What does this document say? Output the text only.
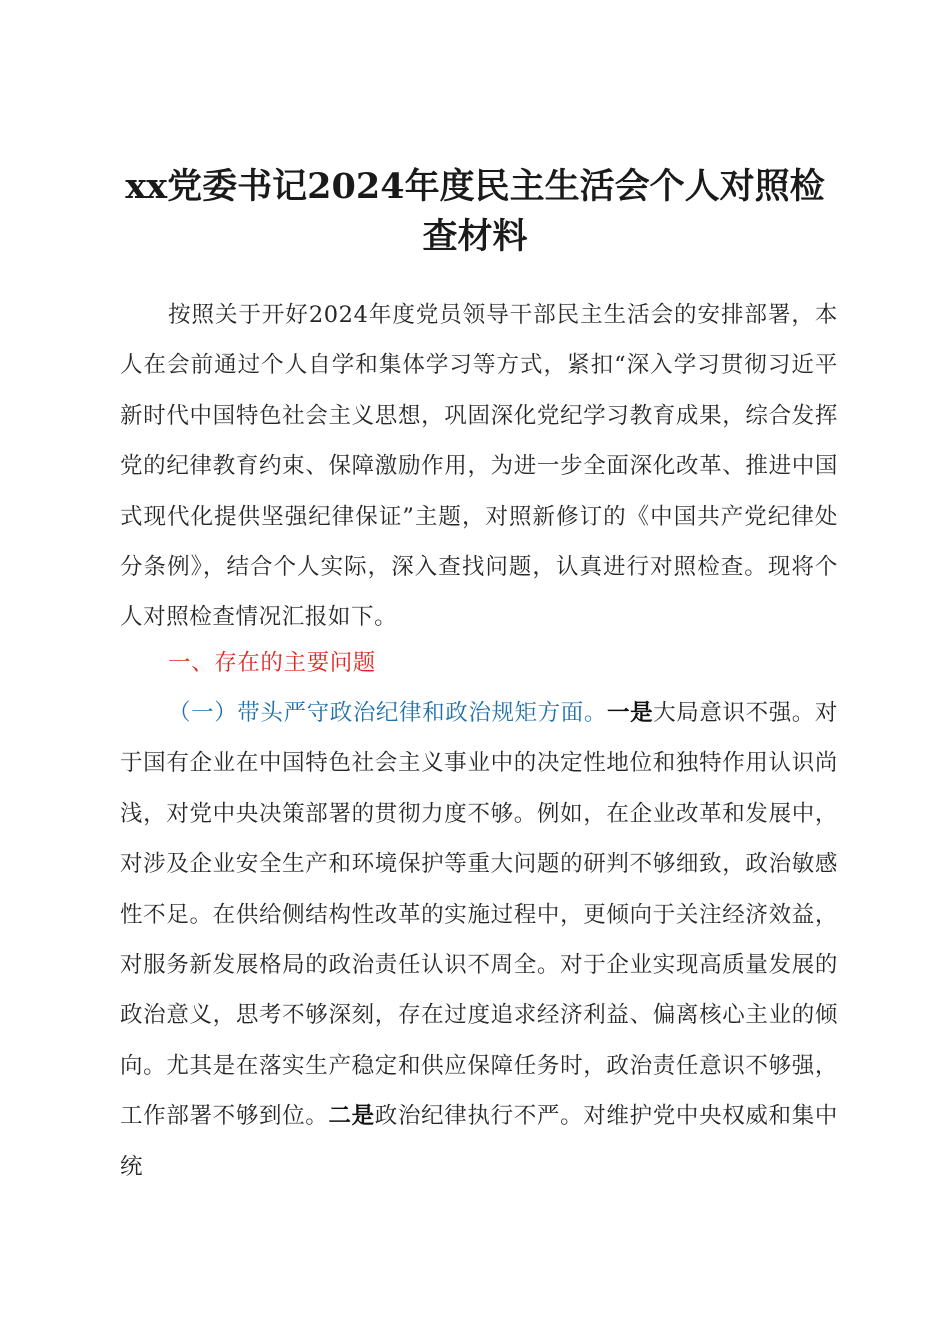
xx党委书记2024年度民主生活会个人对照检
查材料

按照关于开好2024年度党员领导干部民主生活会的安排部署，本人在会前通过个人自学和集体学习等方式，紧扣“深入学习贯彻习近平新时代中国特色社会主义思想，巩固深化党纪学习教育成果，综合发挥党的纪律教育约束、保障激励作用，为进一步全面深化改革、推进中国式现代化提供坚强纪律保证”主题，对照新修订的《中国共产党纪律处分条例》，结合个人实际，深入查找问题，认真进行对照检查。现将个人对照检查情况汇报如下。

一、存在的主要问题

（一）带头严守政治纪律和政治规矩方面。一是大局意识不强。对于国有企业在中国特色社会主义事业中的决定性地位和独特作用认识尚浅，对党中央决策部署的贯彻力度不够。例如，在企业改革和发展中，对涉及企业安全生产和环境保护等重大问题的研判不够细致，政治敏感性不足。在供给侧结构性改革的实施过程中，更倾向于关注经济效益，对服务新发展格局的政治责任认识不周全。对于企业实现高质量发展的政治意义，思考不够深刻，存在过度追求经济利益、偏离核心主业的倾向。尤其是在落实生产稳定和供应保障任务时，政治责任意识不够强，工作部署不够到位。二是政治纪律执行不严。对维护党中央权威和集中统
